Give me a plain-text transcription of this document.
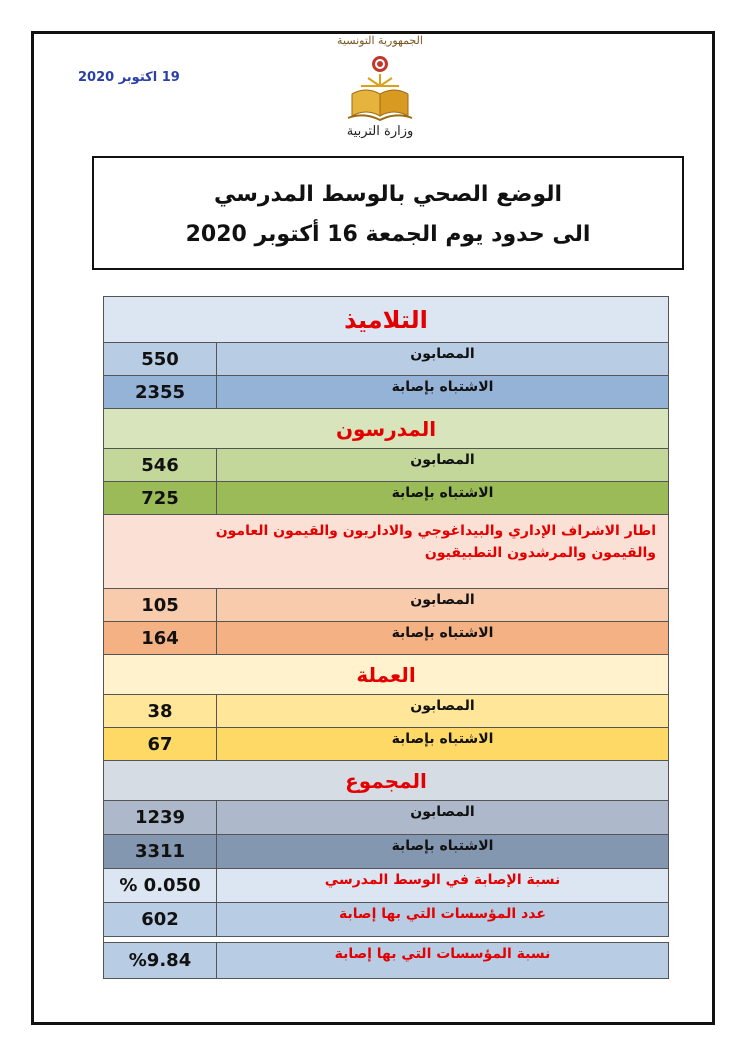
19 اكتوبر 2020
الجمهورية التونسية
وزارة التربية
الوضع الصحي بالوسط المدرسي
الى حدود يوم الجمعة 16 أكتوبر 2020
التلاميذ	
550	المصابون
2355	الاشتباه بإصابة
المدرسون	
546	المصابون
725	الاشتباه بإصابة

اطار الاشراف الإداري والبيداغوجي والاداريون والقيمون العامون
والقيمون والمرشدون التطبيقيون	

105	المصابون
164	الاشتباه بإصابة
العملة	
38	المصابون
67	الاشتباه بإصابة
المجموع	
1239	المصابون
3311	الاشتباه بإصابة
% 0.050	نسبة الإصابة في الوسط المدرسي
602	عدد المؤسسات التي بها إصابة

%9.84	نسبة المؤسسات التي بها إصابة
